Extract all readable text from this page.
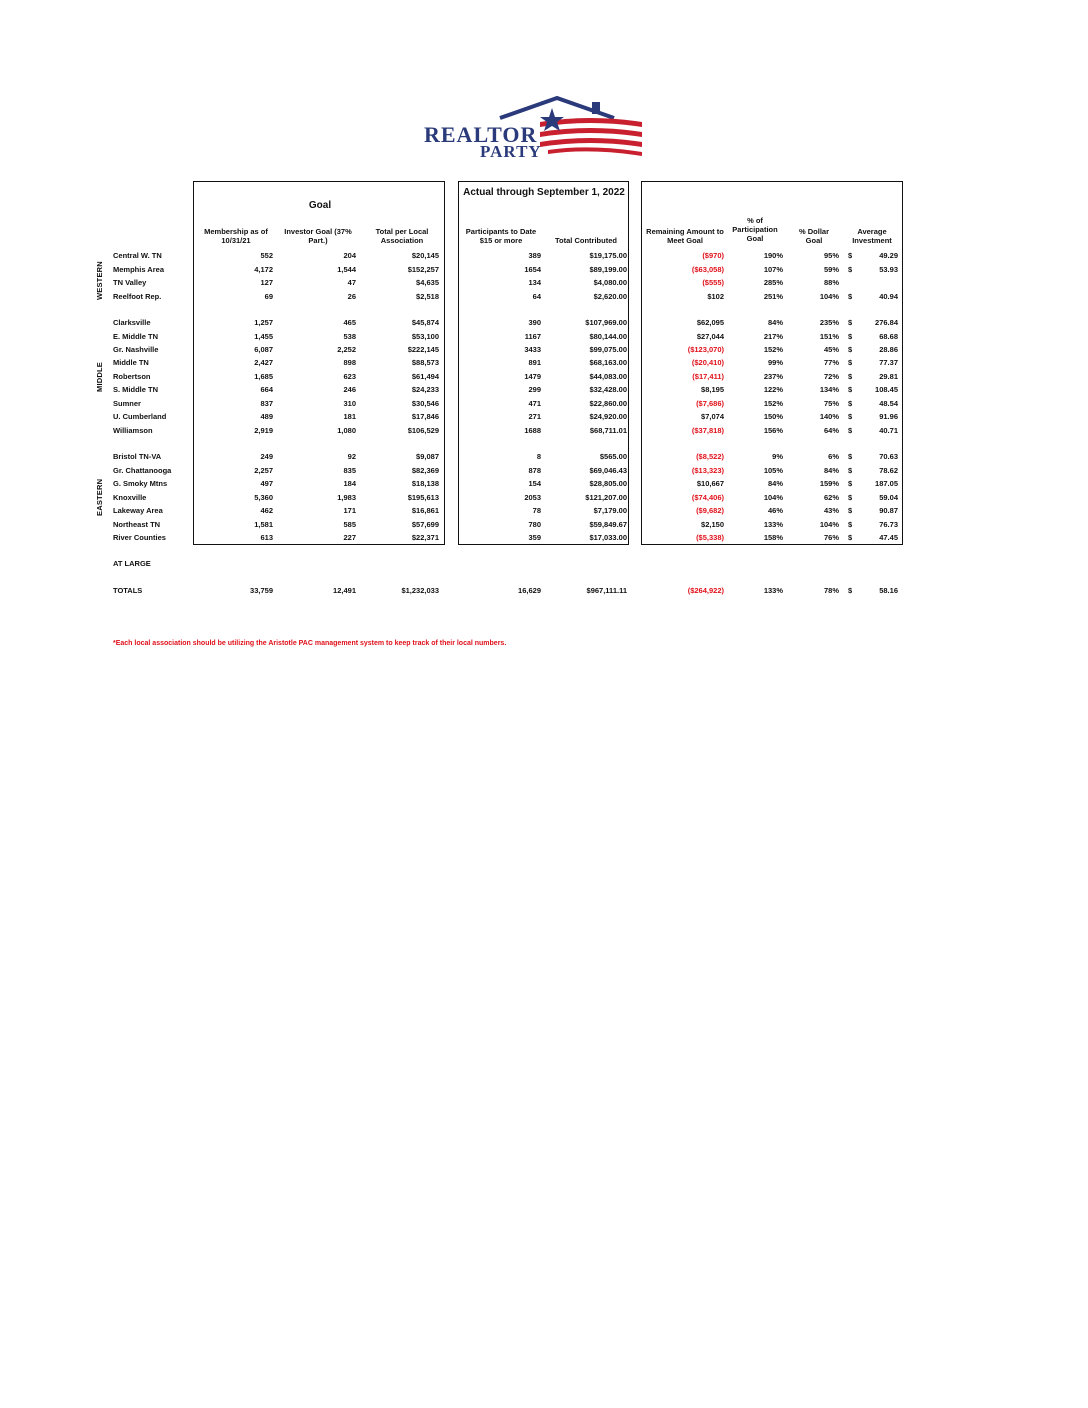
REALTOR
PARTY
Goal
Actual through September 1, 2022
Membership as of 10/31/21
Investor Goal (37% Part.)
Total per Local Association
Participants to Date $15 or more	Total Contributed
Remaining Amount to Meet Goal
% of Participation Goal
% Dollar Goal
Average Investment
WESTERN
MIDDLE
EASTERN
Central W. TN	552	204	$20,145	389	$19,175.00	($970)	190%	95% $	49.29
Memphis Area	4,172	1,544	$152,257	1654	$89,199.00	($63,058)	107%	59% $	53.93
TN Valley	127	47	$4,635	134	$4,080.00	($555)	285%	88%
Reelfoot Rep.	69	26	$2,518	64	$2,620.00	$102	251%	104% $	40.94
Clarksville	1,257	465	$45,874	390	$107,969.00	$62,095	84%	235% $	276.84
E. Middle TN	1,455	538	$53,100	1167	$80,144.00	$27,044	217%	151% $	68.68
Gr. Nashville	6,087	2,252	$222,145	3433	$99,075.00	($123,070)	152%	45% $	28.86
Middle TN	2,427	898	$88,573	891	$68,163.00	($20,410)	99%	77% $	77.37
Robertson	1,685	623	$61,494	1479	$44,083.00	($17,411)	237%	72% $	29.81
S. Middle TN	664	246	$24,233	299	$32,428.00	$8,195	122%	134% $	108.45
Sumner	837	310	$30,546	471	$22,860.00	($7,686)	152%	75% $	48.54
U. Cumberland	489	181	$17,846	271	$24,920.00	$7,074	150%	140% $	91.96
Williamson	2,919	1,080	$106,529	1688	$68,711.01	($37,818)	156%	64% $	40.71
Bristol TN-VA	249	92	$9,087	8	$565.00	($8,522)	9%	6% $	70.63
Gr. Chattanooga	2,257	835	$82,369	878	$69,046.43	($13,323)	105%	84% $	78.62
G. Smoky Mtns	497	184	$18,138	154	$28,805.00	$10,667	84%	159% $	187.05
Knoxville	5,360	1,983	$195,613	2053	$121,207.00	($74,406)	104%	62% $	59.04
Lakeway Area	462	171	$16,861	78	$7,179.00	($9,682)	46%	43% $	90.87
Northeast TN	1,581	585	$57,699	780	$59,849.67	$2,150	133%	104% $	76.73
River Counties	613	227	$22,371	359	$17,033.00	($5,338)	158%	76% $	47.45
AT LARGE
TOTALS	33,759	12,491	$1,232,033	16,629	$967,111.11	($264,922)	133%	78% $	58.16
*Each local association should be utilizing the Aristotle PAC management system to keep track of their local numbers.
